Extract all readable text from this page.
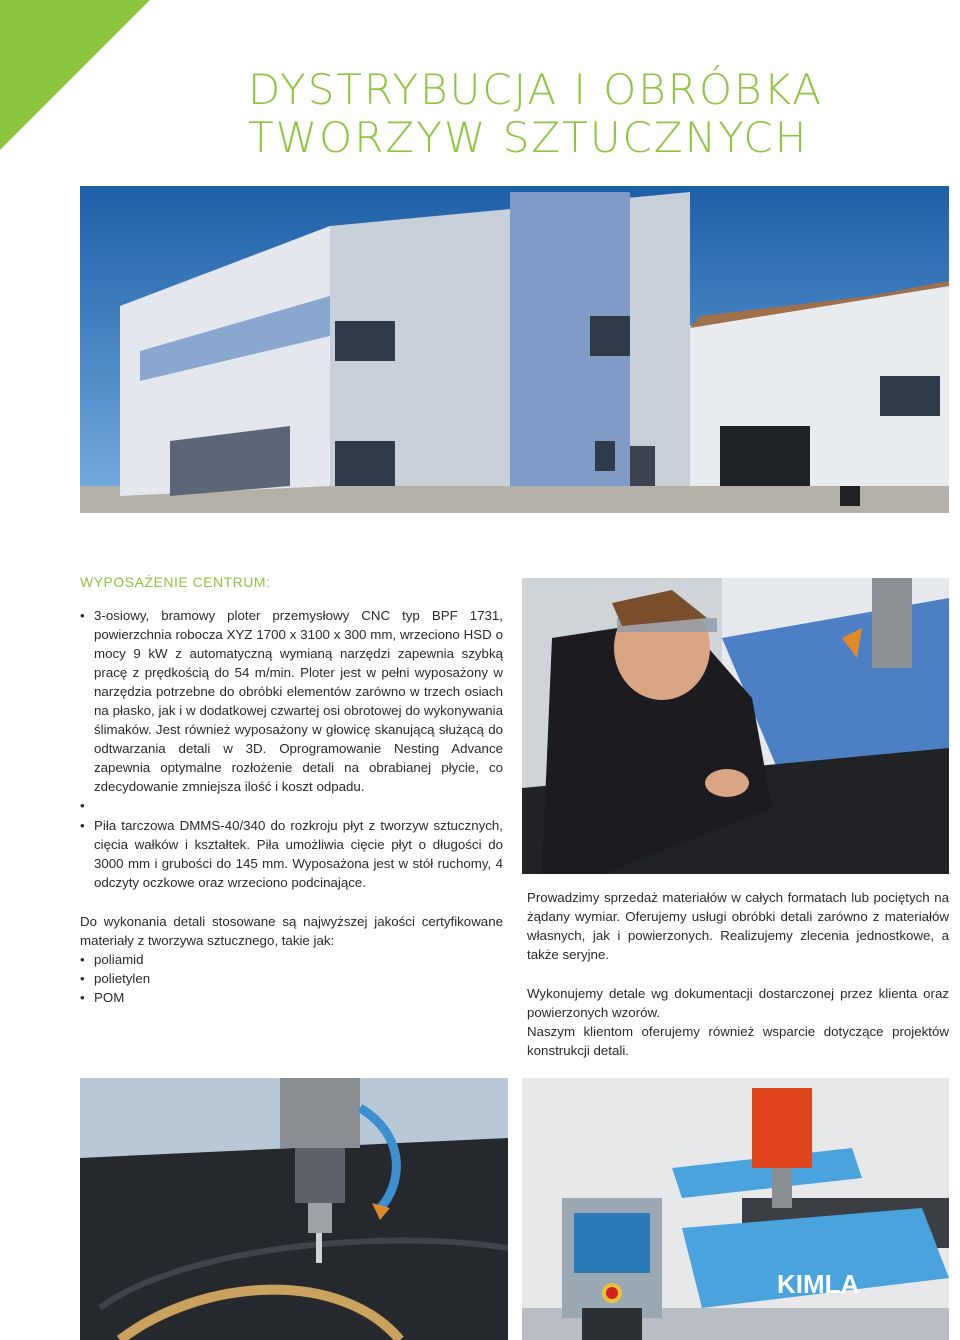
DYSTRYBUCJA I OBRÓBKA
TWORZYW SZTUCZNYCH
WYPOSAŻENIE CENTRUM:
• 3-osiowy, bramowy ploter przemysłowy CNC typ BPF 1731, powierzchnia robocza XYZ 1700 x 3100 x 300 mm, wrzeciono HSD o mocy 9 kW z automatyczną wymianą narzędzi zapewnia szybką pracę z prędkością do 54 m/min. Ploter jest w pełni wyposażony w narzędzia potrzebne do obróbki elementów zarówno w trzech osiach na płasko, jak i w dodatkowej czwartej osi obrotowej do wykonywania ślimaków. Jest również wyposażony w głowicę skanującą służącą do odtwarzania detali w 3D. Oprogramowanie Nesting Advance zapewnia optymalne rozłożenie detali na obrabianej płycie, co zdecydowanie zmniejsza ilość i koszt odpadu.
•
• Piła tarczowa DMMS-40/340 do rozkroju płyt z tworzyw sztucznych, cięcia wałków i kształtek. Piła umożliwia cięcie płyt o długości do 3000 mm i grubości do 145 mm. Wyposażona jest w stół ruchomy, 4 odczyty oczkowe oraz wrzeciono podcinające.

Do wykonania detali stosowane są najwyższej jakości certyfikowane materiały z tworzywa sztucznego, takie jak:

• poliamid
• polietylen
• POM

Prowadzimy sprzedaż materiałów w całych formatach lub pociętych na żądany wymiar. Oferujemy usługi obróbki detali zarówno z materiałów własnych, jak i powierzonych. Realizujemy zlecenia jednostkowe, a także seryjne.

Wykonujemy detale wg dokumentacji dostarczonej przez klienta oraz powierzonych wzorów.

Naszym klientom oferujemy również wsparcie dotyczące projektów konstrukcji detali.

KIMLA
